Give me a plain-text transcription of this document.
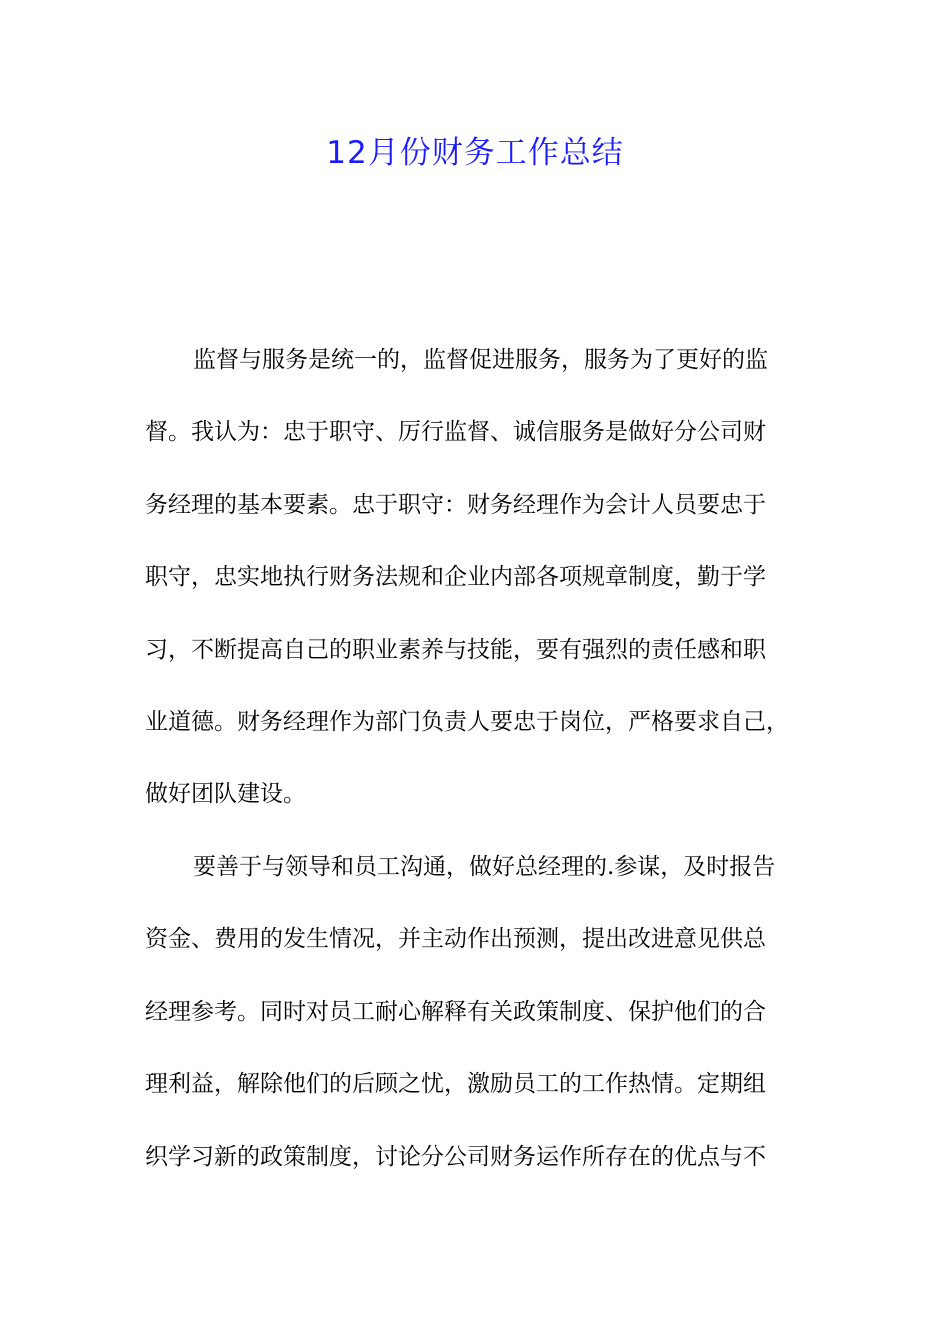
12月份财务工作总结
监督与服务是统一的，监督促进服务，服务为了更好的监
督。我认为：忠于职守、厉行监督、诚信服务是做好分公司财
务经理的基本要素。忠于职守：财务经理作为会计人员要忠于
职守，忠实地执行财务法规和企业内部各项规章制度，勤于学
习，不断提高自己的职业素养与技能，要有强烈的责任感和职
业道德。财务经理作为部门负责人要忠于岗位，严格要求自己，
做好团队建设。
要善于与领导和员工沟通，做好总经理的.参谋，及时报告
资金、费用的发生情况，并主动作出预测，提出改进意见供总
经理参考。同时对员工耐心解释有关政策制度、保护他们的合
理利益，解除他们的后顾之忧，激励员工的工作热情。定期组
织学习新的政策制度，讨论分公司财务运作所存在的优点与不
